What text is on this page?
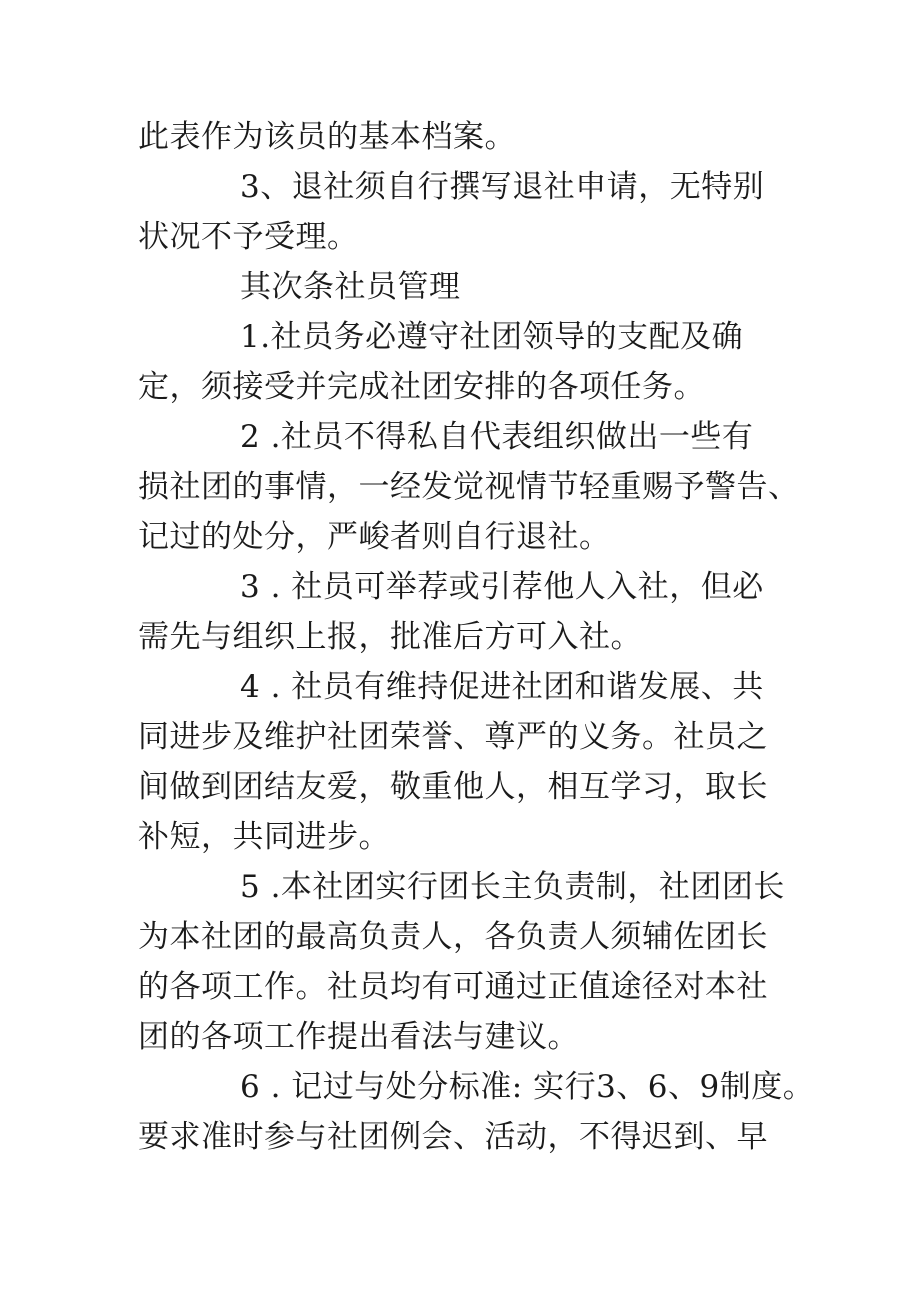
此表作为该员的基本档案。
3、退社须自行撰写退社申请，无特别
状况不予受理。
其次条社员管理
1.社员务必遵守社团领导的支配及确
定，须接受并完成社团安排的各项任务。
2 .社员不得私自代表组织做出一些有
损社团的事情，一经发觉视情节轻重赐予警告、
记过的处分，严峻者则自行退社。
3 . 社员可举荐或引荐他人入社，但必
需先与组织上报，批准后方可入社。
4 . 社员有维持促进社团和谐发展、共
同进步及维护社团荣誉、尊严的义务。社员之
间做到团结友爱，敬重他人，相互学习，取长
补短，共同进步。
5 .本社团实行团长主负责制，社团团长
为本社团的最高负责人，各负责人须辅佐团长
的各项工作。社员均有可通过正值途径对本社
团的各项工作提出看法与建议。
6 . 记过与处分标准: 实行3、6、9制度。
要求准时参与社团例会、活动，不得迟到、早
